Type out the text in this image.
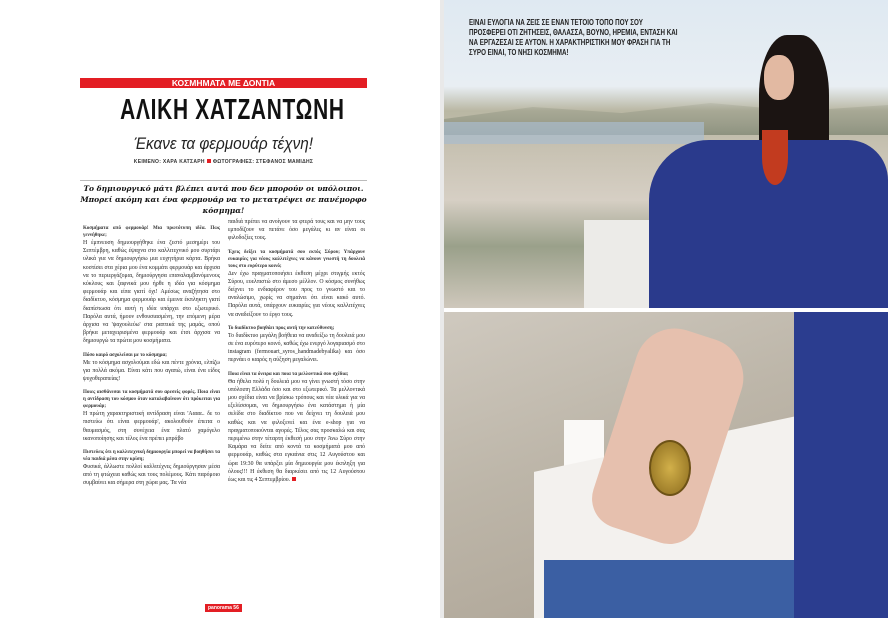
ΚΟΣΜΗΜΑΤΑ ΜΕ ΔΟΝΤΙΑ
ΑΛΙΚΗ ΧΑΤΖΑΝΤΩΝΗ
Έκανε τα φερμουάρ τέχνη!
ΚΕΙΜΕΝΟ: ΧΑΡΑ ΚΑΤΣΑΡΗ ΦΩΤΟΓΡΑΦΙΕΣ: ΣΤΕΦΑΝΟΣ ΜΑΜΙΔΗΣ
Το δημιουργικό μάτι βλέπει αυτά που δεν μπορούν οι υπόλοιποι. Μπορεί ακόμη και ένα φερμουάρ να το μετατρέψει σε πανέμορφο κόσμημα!
Κοσμήματα από φερμουάρ! Μια πρωτότυπη ιδέα. Πως γεννήθηκε;
Η έμπνευση δημιουργήθηκε ένα ζεστό μεσημέρι του Σεπτέμβρη, καθώς έψαχνα στο καλλιτεχνικό μου συρτάρι υλικά για να δημιουργήσω μια ευχητήρια κάρτα. Βρήκα κοστίσει στα χέρια μου ένα κομμάτι φερμουάρ και άρχισα να το περιεργάζομαι, δημιούργησα επαναλαμβανόμενους κύκλους και ξαφνικά μου ήρθε η ιδέα για κόσμημα φερμουάρ και είπα γιατί όχι! Αμέσως αναζήτησα στο διαδίκτυο, κόσμημα φερμουάρ και έμεινα έκπληκτη γιατί διαπίστωσα ότι αυτή η ιδέα υπάρχει στο εξωτερικό. Παρόλα αυτά, ήμουν ενθουσιασμένη, την επόμενη μέρα άρχισα να 'ψαχουλεύω' στα ραπτικά της μαμάς, οπού βρήκα μεταχειρισμένα φερμουάρ και έτσι άρχισα να δημιουργώ τα πρώτα μου κοσμήματα.
Πόσο καιρό ασχολείσαι με το κόσμημα;
Με το κόσμημα ασχολούμαι εδώ και πέντε χρόνια, ελπίζω για πολλά ακόμα. Είναι κάτι που αγαπώ, είναι ένα είδος ψυχοθεραπείας!
Ποιες αισθάνεσαι τα κοσμήματά σου αρεσείς φορές. Ποια είναι η αντίδραση του κόσμου όταν καταλαβαίνουν ότι πρόκειται για φερμουάρ;
Η πρώτη χαρακτηριστική αντίδραση είναι 'Αααα.. δε το πιστεύω ότι είναι φερμουάρ', ακολουθούν έπειτα ο θαυμασμός, στη συνέχεια ένα πλατύ χαμόγελο ικανοποίησης και τέλος ένα πρέπει μπράβο
Πιστεύεις ότι η καλλιτεχνική δημιουργία μπορεί να βοηθήσει τα νέα παιδιά μέσα στην κρίση;
Φυσικά, άλλωστε πολλοί καλλιτέχνες δημιούργησαν μέσα από τη φτώχεια καθώς και τους πολέμους. Κάτι παρόμοιο συμβαίνει και σήμερα στη χώρα μας. Τα νέα
παιδιά πρέπει να ανοίγουν τα φτερά τους και να μην τους εμποδίζουν να πετάνε όσο μεγάλες κι αν είναι οι φιλοδοξίες τους.
Έχεις δείξει τα κοσμήματά σου εκτός Σύρου; Υπάρχουν ευκαιρίες για νέους καλλιτέχνες να κάνουν γνωστή τη δουλειά τους στο ευρύτερο κοινό;
Δεν έχω πραγματοποιήσει έκθεση μέχρι στιγμής εκτός Σύρου, ευελπιστώ στο άμεσο μέλλον. Ο κόσμος συνήθως δείχνει το ενδιαφέρον του προς το γνωστό και το αναλώσιμο, χωρίς να σημαίνει ότι είναι κακό αυτό. Παρόλα αυτά, υπάρχουν ευκαιρίες για νέους καλλιτέχνες να αναδείξουν το έργο τους.
Το διαδίκτυο βοηθάει προς αυτή την κατεύθυνση;
Το διαδίκτυο μεγάλη βοήθεια να αναδείξω τη δουλειά μου σε ένα ευρύτερο κοινό, καθώς έχω ενεργό λογαριασμό στο instagram (fermouart_syros_handmadebyalika) και όσο περνάει ο καιρός η αύξηση μεγαλώνει.
Ποια είναι τα όνειρα και ποια τα μελλοντικά σου σχέδια;
Θα ήθελα πολύ η δουλειά μου να γίνει γνωστή τόσο στην υπόλοιπη Ελλάδα όσο και στο εξωτερικό. Τα μελλοντικά μου σχέδια είναι να βρίσκω τρόπους και νέα υλικά για να εξελίσσομαι, να δημιουργήσω ένα κατάστημα ή μία σελίδα στο διαδίκτυο που να δείχνει τη δουλειά μου καθώς και να φιλοξενεί και ένα e-shop για να πραγματοποιούνται αγορές. Τέλος σας προσκαλώ και σας περιμένω στην τέταρτη έκθεσή μου στην Άνω Σύρο στην Καμάρα να δείτε από κοντά τα κοσμήματά μου από φερμουάρ, καθώς στα εγκαίνια στις 12 Αυγούστου και ώρα 19:30 θα υπάρξει μία δημιουργία μου έκπληξη για όλους!!! Η έκθεση θα διαρκέσει από τις 12 Αυγούστου έως και τις 4 Σεπτεμβρίου.
panorama 56
ΕΙΝΑΙ ΕΥΛΟΓΙΑ ΝΑ ΖΕΙΣ ΣΕ ΕΝΑΝ ΤΕΤΟΙΟ ΤΟΠΟ ΠΟΥ ΣΟΥ ΠΡΟΣΦΕΡΕΙ ΟΤΙ ΖΗΤΗΣΕΙΣ, ΘΑΛΑΣΣΑ, ΒΟΥΝΟ, ΗΡΕΜΙΑ, ΕΝΤΑΣΗ ΚΑΙ ΝΑ ΕΡΓΑΖΕΣΑΙ ΣΕ ΑΥΤΟΝ. Η ΧΑΡΑΚΤΗΡΙΣΤΙΚΗ ΜΟΥ ΦΡΑΣΗ ΓΙΑ ΤΗ ΣΥΡΟ ΕΙΝΑΙ, ΤΟ ΝΗΣΙ ΚΟΣΜΗΜΑ!
